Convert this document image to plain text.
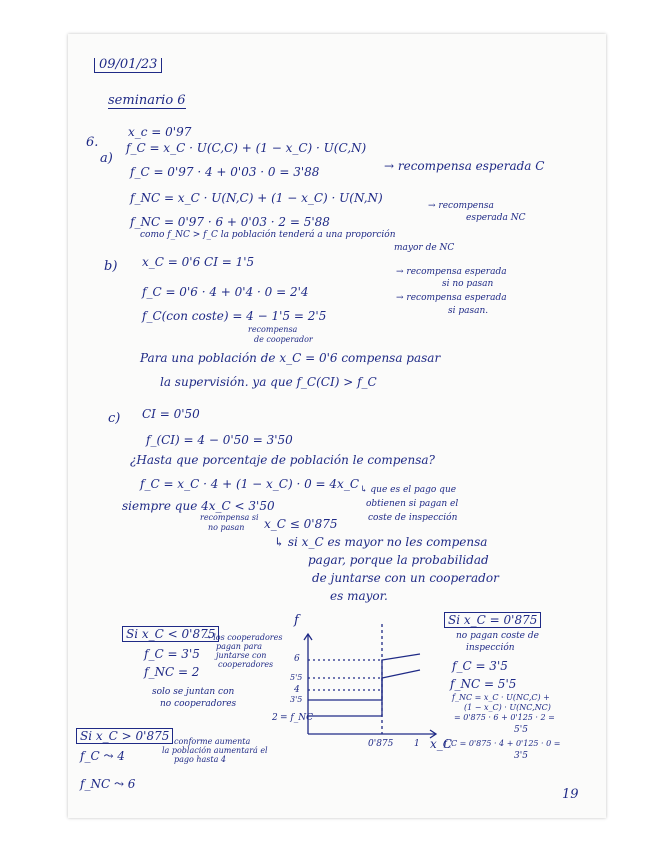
09/01/23
seminario 6
6.
x_c = 0'97
a)
f_C = x_C · U(C,C) + (1 − x_C) · U(C,N)
f_C = 0'97 · 4 + 0'03 · 0 = 3'88	→ recompensa esperada C
f_NC = x_C · U(N,C) + (1 − x_C) · U(N,N)
f_NC = 0'97 · 6 + 0'03 · 2 = 5'88
→ recompensa
esperada NC
como f_NC > f_C la población tenderá a una proporción
mayor de NC
b) x_C = 0'6 CI = 1'5
f_C = 0'6 · 4 + 0'4 · 0 = 2'4
→ recompensa esperada
si no pasan
f_C(con coste) = 4 − 1'5 = 2'5
→ recompensa esperada
si pasan.
recompensa
de cooperador
Para una población de x_C = 0'6 compensa pasar
la supervisión. ya que f_C(CI) > f_C
c) CI = 0'50
f_(CI) = 4 − 0'50 = 3'50
¿Hasta que porcentaje de población le compensa?
f_C = x_C · 4 + (1 − x_C) · 0 = 4x_C
siempre que 4x_C < 3'50
recompensa si
no pasan x_C ≤ 0'875
↳ que es el pago que
obtienen si pagan el
coste de inspección
↳ si x_C es mayor no les compensa
pagar, porque la probabilidad
de juntarse con un cooperador
es mayor.
Si x_C < 0'875
f_C = 3'5
→ los cooperadores
pagan para
juntarse con
cooperadores
f_NC = 2
solo se juntan con
no cooperadores
Si x_C > 0'875
f_C ⤳ 4
conforme aumenta
la población aumentará el
pago hasta 4
f_NC ⤳ 6
f
6
5'5
4
3'5
2 = f_NC
0'875 1 x_C
Si x_C = 0'875
no pagan coste de
inspección
f_C = 3'5
f_NC = 5'5
f_NC = x_C · U(NC,C) +
(1 − x_C) · U(NC,NC)
= 0'875 · 6 + 0'125 · 2 =
5'5
f_C = 0'875 · 4 + 0'125 · 0 =
3'5
19
